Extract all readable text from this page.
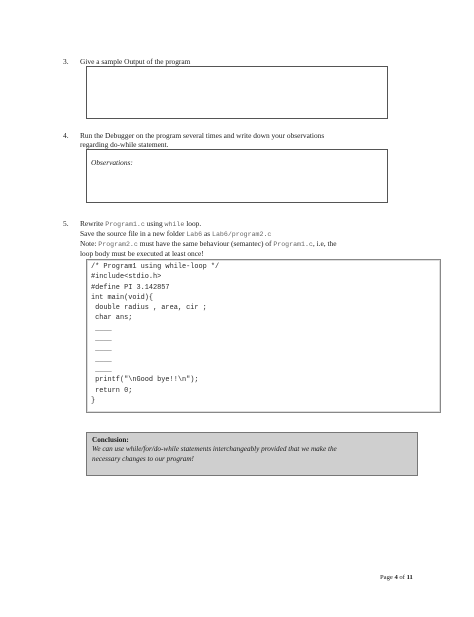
3. Give a sample Output of the program
4. Run the Debugger on the program several times and write down your observations
regarding do-while statement.
Observations:
5. Rewrite Program1.c using while loop.
Save the source file in a new folder Lab6 as Lab6/program2.c
Note: Program2.c must have the same behaviour (semantec) of Program1.c, i.e, the
loop body must be executed at least once!
/* Program1 using while-loop */
#include<stdio.h>
#define PI 3.142857
int main(void){
double radius , area, cir ;
char ans;
____
____
____
____
____
printf("\nGood bye!!\n");
return 0;
}
Conclusion:
We can use while/for/do-while statements interchangeably provided that we make the
necessary changes to our program!
Page 4 of 11
